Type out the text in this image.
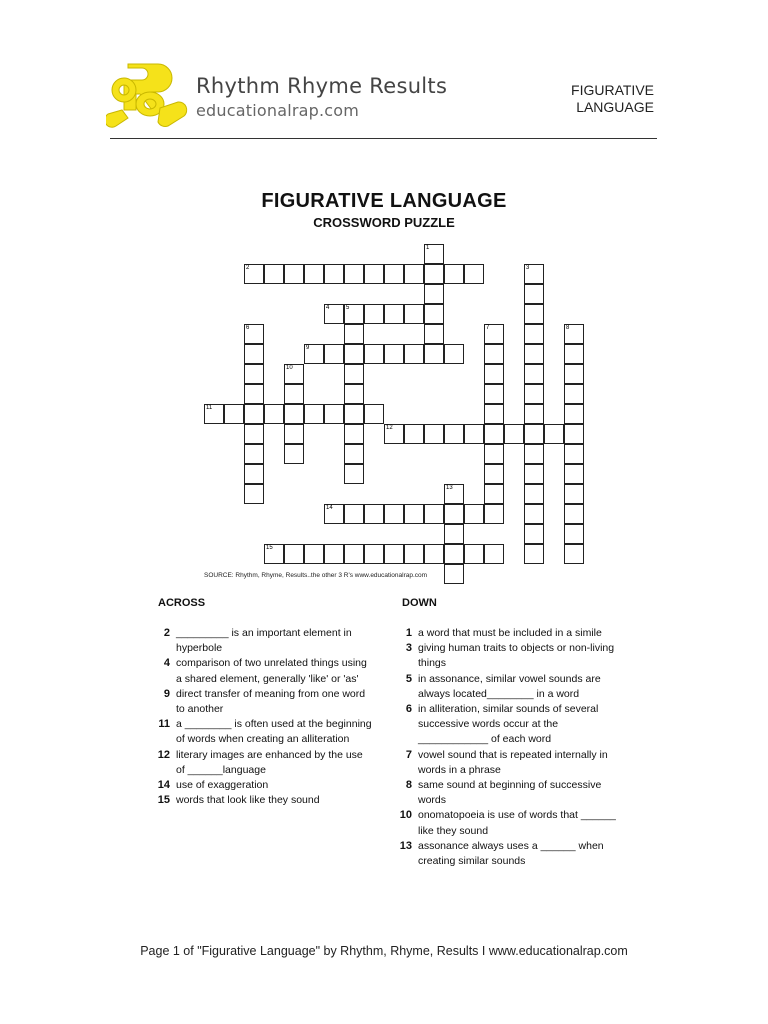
Rhythm Rhyme Results
educationalrap.com
FIGURATIVE
LANGUAGE
FIGURATIVE LANGUAGE
CROSSWORD PUZZLE
1
2	3
4	5
6	7	8
9
10
11
12
13
14
15
SOURCE: Rhythm, Rhyme, Results..the other 3 R's www.educationalrap.com
ACROSS	DOWN
2 _________ is an important element in hyperbole
4 comparison of two unrelated things using a shared element, generally 'like' or 'as'
9 direct transfer of meaning from one word to another
11 a ________ is often used at the beginning of words when creating an alliteration
12 literary images are enhanced by the use of ______language
14 use of exaggeration
15 words that look like they sound
1 a word that must be included in a simile
3 giving human traits to objects or non-living things
5 in assonance, similar vowel sounds are always located________ in a word
6 in alliteration, similar sounds of several successive words occur at the ____________ of each word
7 vowel sound that is repeated internally in words in a phrase
8 same sound at beginning of successive words
10 onomatopoeia is use of words that ______ like they sound
13 assonance always uses a ______ when creating similar sounds
Page 1 of "Figurative Language" by Rhythm, Rhyme, Results I www.educationalrap.com
